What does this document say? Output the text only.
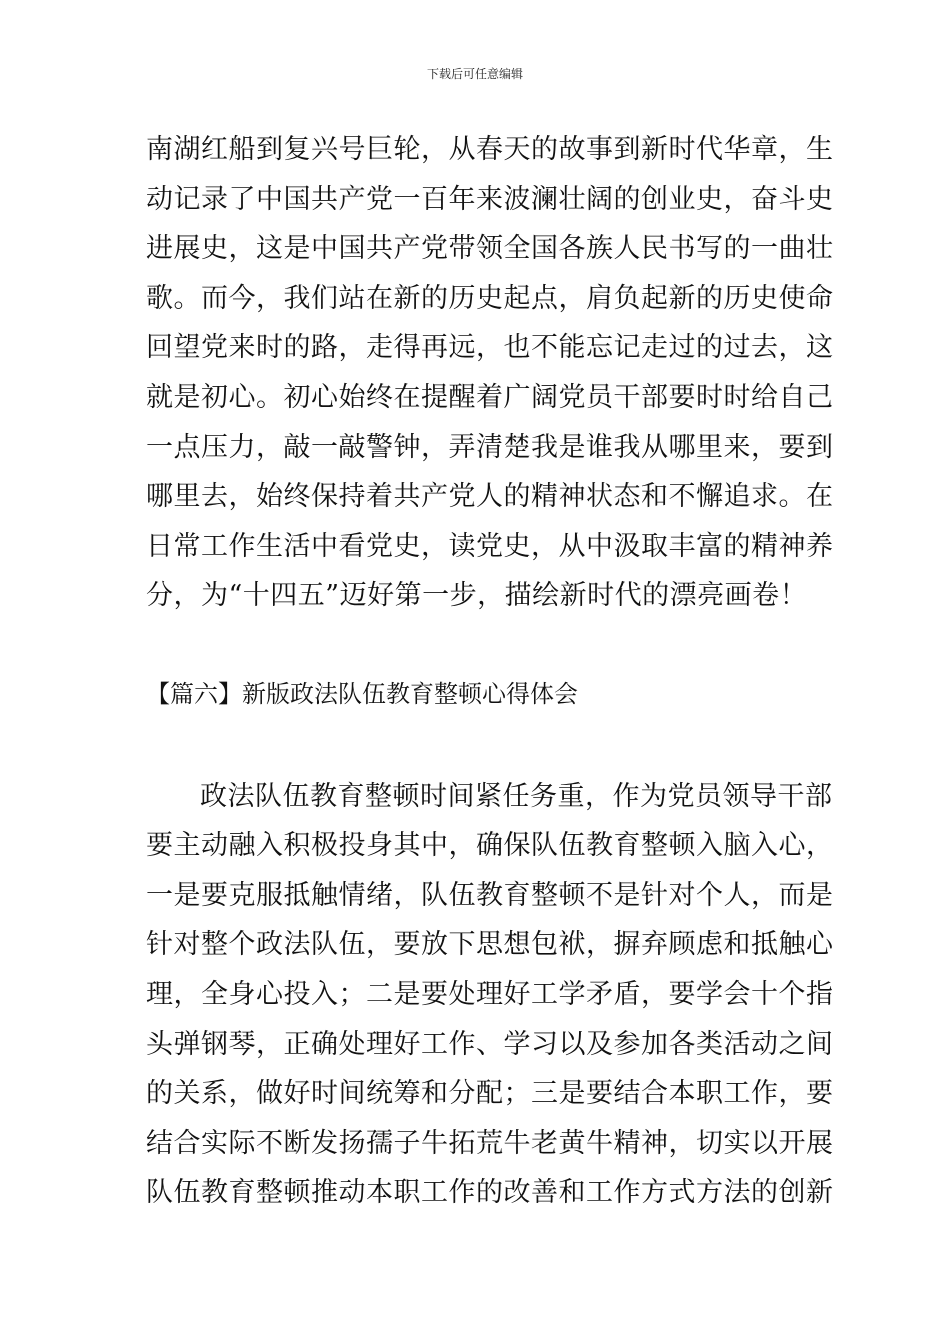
下载后可任意编辑
南湖红船到复兴号巨轮，从春天的故事到新时代华章，生
动记录了中国共产党一百年来波澜壮阔的创业史，奋斗史
进展史，这是中国共产党带领全国各族人民书写的一曲壮
歌。而今，我们站在新的历史起点，肩负起新的历史使命
回望党来时的路，走得再远，也不能忘记走过的过去，这
就是初心。初心始终在提醒着广阔党员干部要时时给自己
一点压力，敲一敲警钟，弄清楚我是谁我从哪里来，要到
哪里去，始终保持着共产党人的精神状态和不懈追求。在
日常工作生活中看党史，读党史，从中汲取丰富的精神养
分，为“十四五”迈好第一步，描绘新时代的漂亮画卷！
【篇六】新版政法队伍教育整顿心得体会
政法队伍教育整顿时间紧任务重，作为党员领导干部
要主动融入积极投身其中，确保队伍教育整顿入脑入心，
一是要克服抵触情绪，队伍教育整顿不是针对个人，而是
针对整个政法队伍，要放下思想包袱，摒弃顾虑和抵触心
理，全身心投入；二是要处理好工学矛盾，要学会十个指
头弹钢琴，正确处理好工作、学习以及参加各类活动之间
的关系，做好时间统筹和分配；三是要结合本职工作，要
结合实际不断发扬孺子牛拓荒牛老黄牛精神，切实以开展
队伍教育整顿推动本职工作的改善和工作方式方法的创新
